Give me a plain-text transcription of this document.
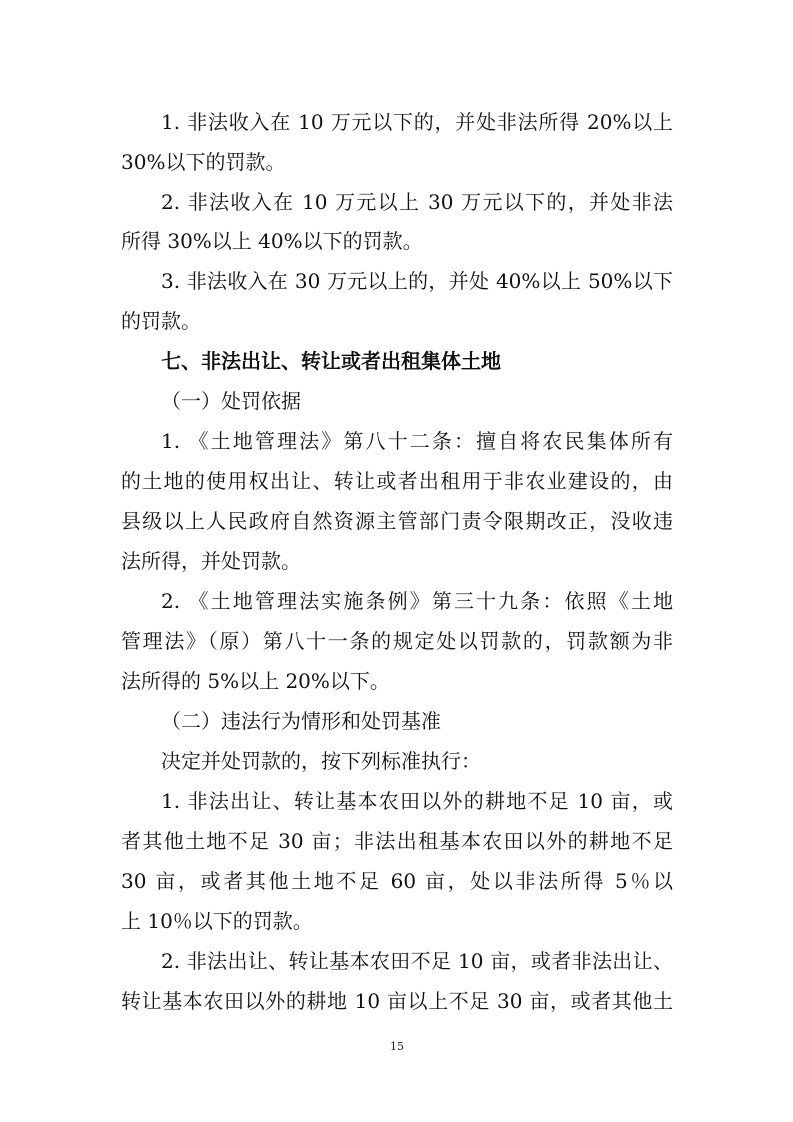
1. 非法收入在 10 万元以下的，并处非法所得 20%以上
30%以下的罚款。
2. 非法收入在 10 万元以上 30 万元以下的，并处非法
所得 30%以上 40%以下的罚款。
3. 非法收入在 30 万元以上的，并处 40%以上 50%以下
的罚款。
七、非法出让、转让或者出租集体土地
（一）处罚依据
1. 《土地管理法》第八十二条：擅自将农民集体所有
的土地的使用权出让、转让或者出租用于非农业建设的，由
县级以上人民政府自然资源主管部门责令限期改正，没收违
法所得，并处罚款。
2. 《土地管理法实施条例》第三十九条：依照《土地
管理法》（原）第八十一条的规定处以罚款的，罚款额为非
法所得的 5%以上 20%以下。
（二）违法行为情形和处罚基准
决定并处罚款的，按下列标准执行：
1. 非法出让、转让基本农田以外的耕地不足 10 亩，或
者其他土地不足 30 亩；非法出租基本农田以外的耕地不足
30 亩，或者其他土地不足 60 亩，处以非法所得 5％以
上 10％以下的罚款。
2. 非法出让、转让基本农田不足 10 亩，或者非法出让、
转让基本农田以外的耕地 10 亩以上不足 30 亩，或者其他土
15
